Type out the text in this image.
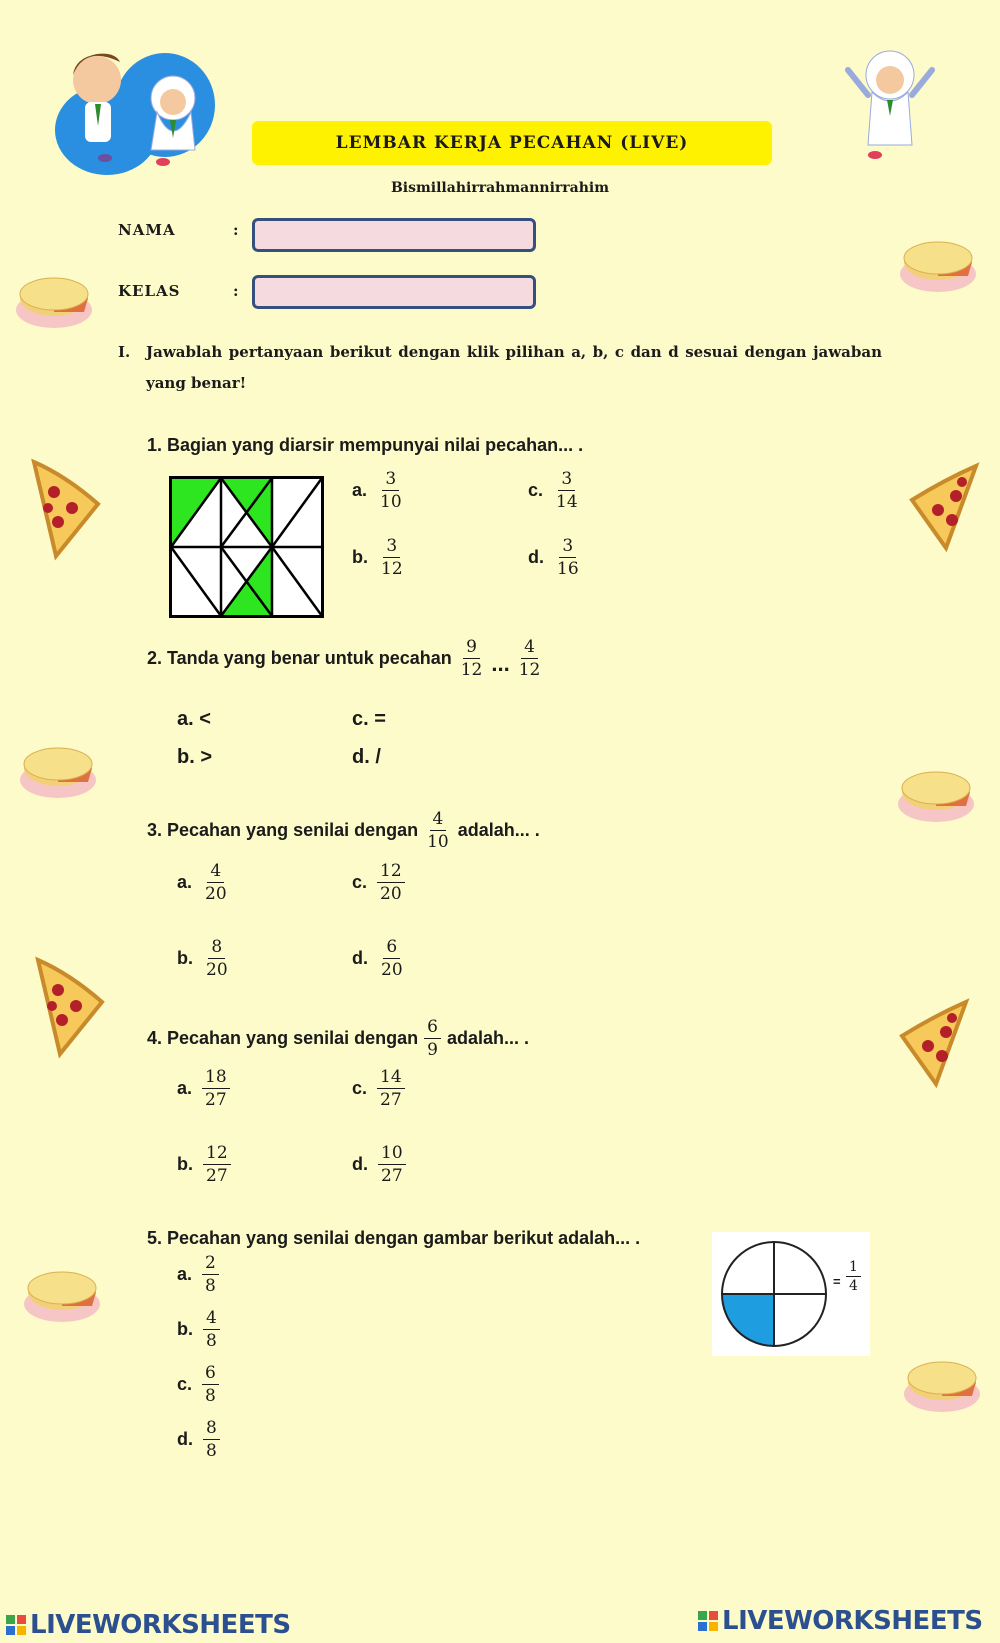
LEMBAR KERJA PECAHAN (LIVE)
Bismillahirrahmannirrahim
NAMA	:
KELAS	:
I. Jawablah pertanyaan berikut dengan klik pilihan a, b, c dan d sesuai dengan jawaban yang benar!
1. Bagian yang diarsir mempunyai nilai pecahan... .
a. $\frac{3}{10}$	c. $\frac{3}{14}$
b. $\frac{3}{12}$	d. $\frac{3}{16}$
2. Tanda yang benar untuk pecahan $\frac{9}{12}$ ... $\frac{4}{12}$
a. <	c. =
b. >	d. /
3. Pecahan yang senilai dengan $\frac{4}{10}$ adalah... .
a. $\frac{4}{20}$	c. $\frac{12}{20}$
b. $\frac{8}{20}$	d. $\frac{6}{20}$
4. Pecahan yang senilai dengan $\frac{6}{9}$ adalah... .
a. $\frac{18}{27}$	c. $\frac{14}{27}$
b. $\frac{12}{27}$	d. $\frac{10}{27}$
5. Pecahan yang senilai dengan gambar berikut adalah... .
a. $\frac{2}{8}$
b. $\frac{4}{8}$
c. $\frac{6}{8}$
d. $\frac{8}{8}$
= $\frac{1}{4}$
LIVEWORKSHEETS	LIVEWORKSHEETS
